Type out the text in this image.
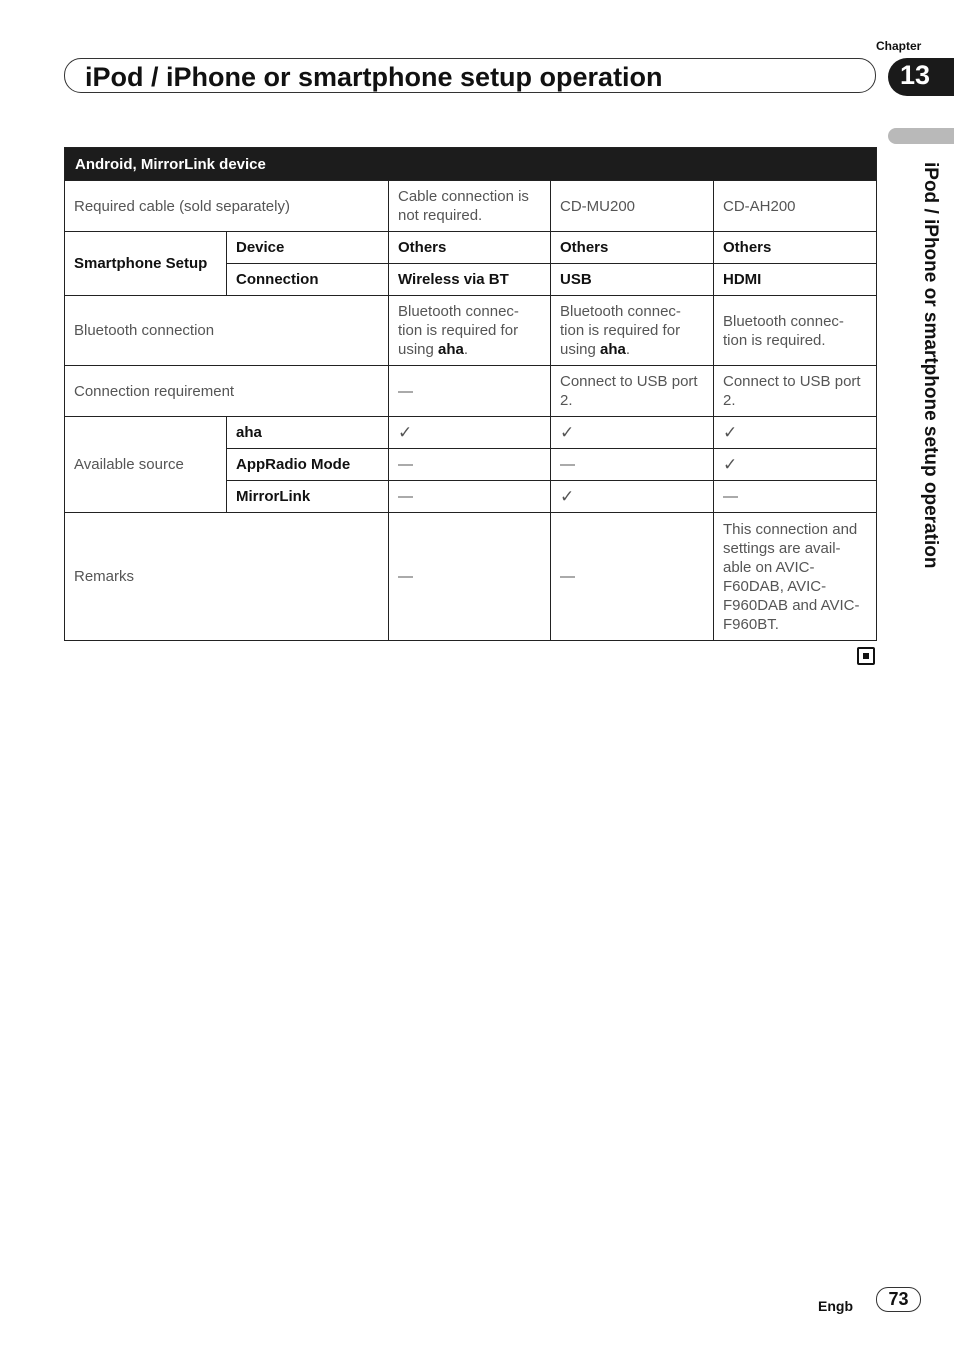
Chapter
iPod / iPhone or smartphone setup operation	13
iPod / iPhone or smartphone setup operation
Android, MirrorLink device				
Required cable (sold separately)		Cable connection is not required.	CD-MU200	CD-AH200
Smartphone Setup	Device	Others	Others	Others
	Connection	Wireless via BT	USB	HDMI
Bluetooth connection		Bluetooth connec-tion is required for using aha.	Bluetooth connec-tion is required for using aha.	Bluetooth connec-tion is required.
Connection requirement		—	Connect to USB port 2.	Connect to USB port 2.
Available source	aha	✓	✓	✓
	AppRadio Mode	—	—	✓
	MirrorLink	—	✓	—
Remarks		—	—	This connection and settings are avail-able on AVIC-F60DAB, AVIC-F960DAB and AVIC-F960BT.
Engb	73
